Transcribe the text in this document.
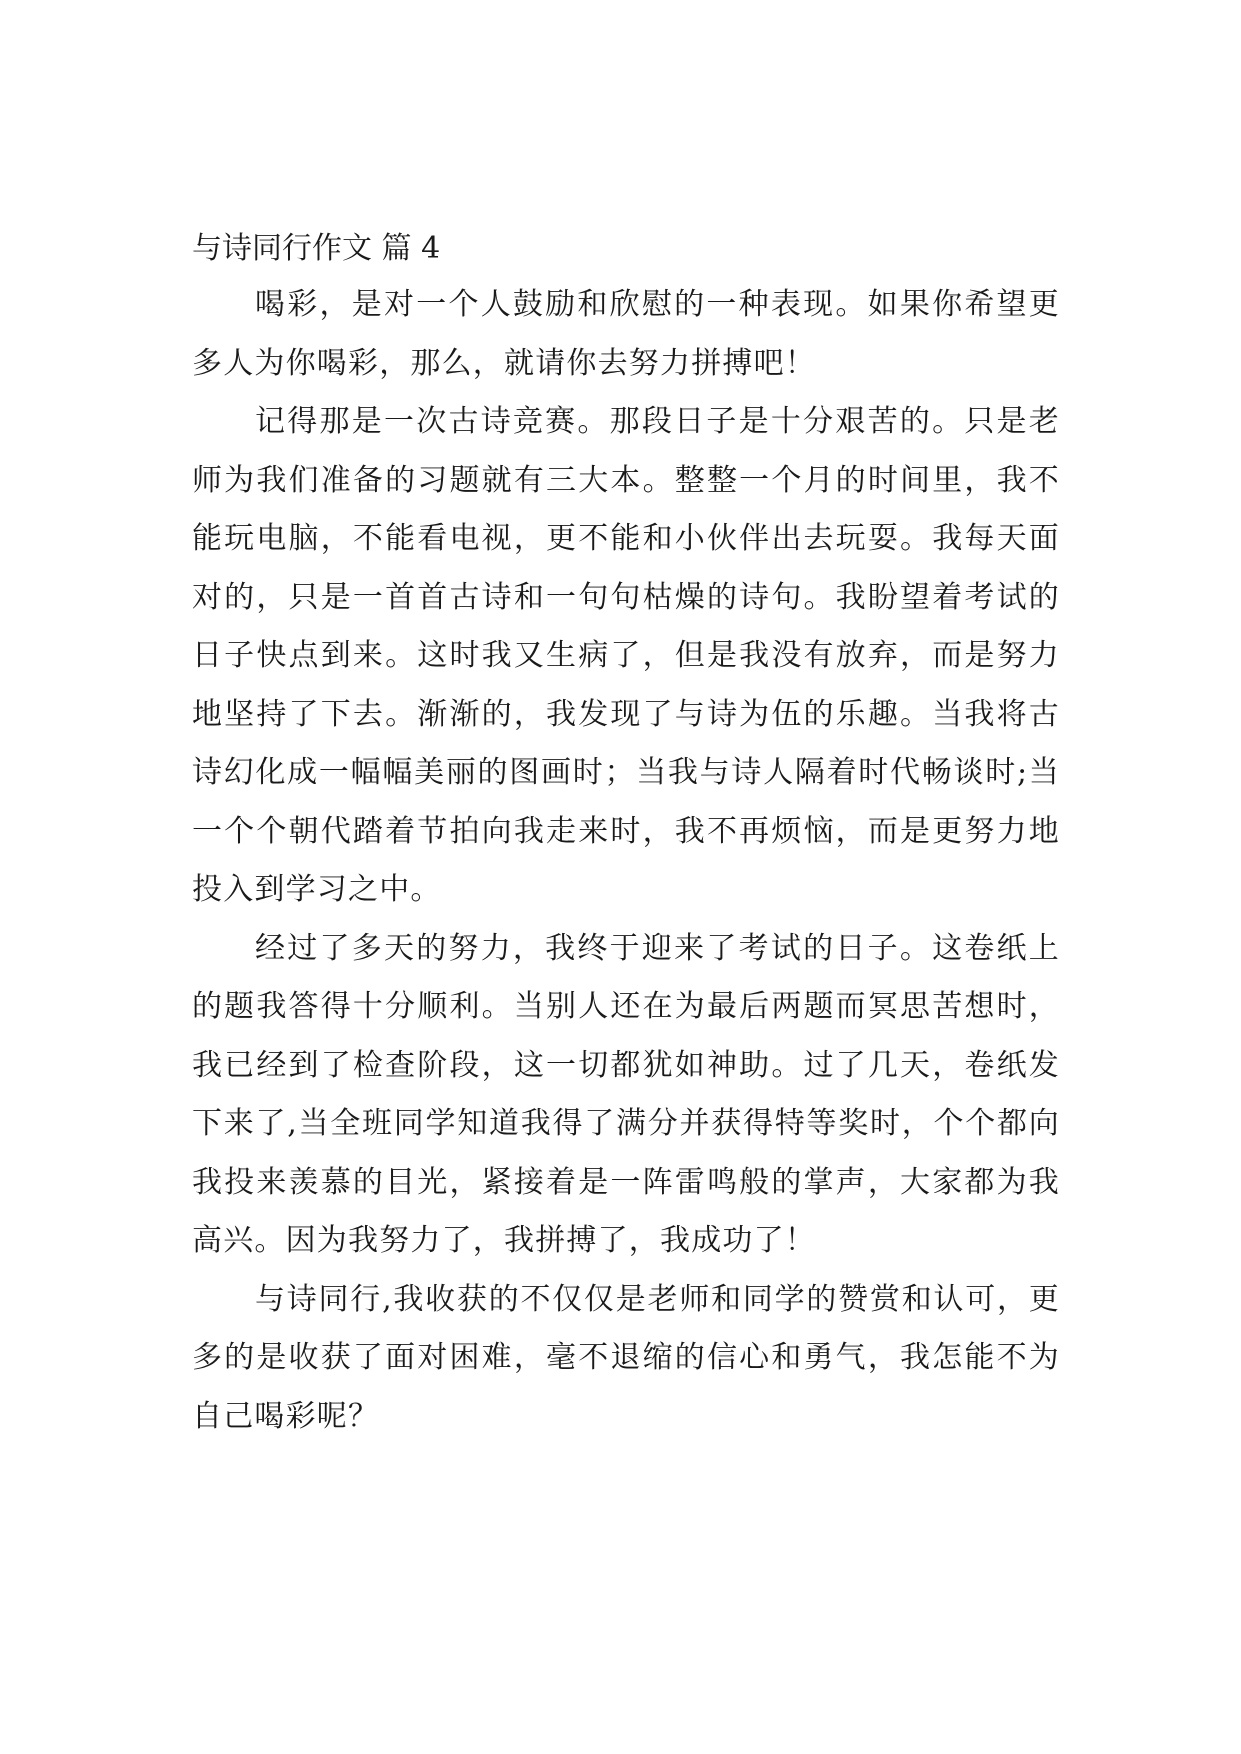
与诗同行作文 篇 4

喝彩，是对一个人鼓励和欣慰的一种表现。如果你希望更多人为你喝彩，那么，就请你去努力拼搏吧！

记得那是一次古诗竞赛。那段日子是十分艰苦的。只是老师为我们准备的习题就有三大本。整整一个月的时间里，我不能玩电脑，不能看电视，更不能和小伙伴出去玩耍。我每天面对的，只是一首首古诗和一句句枯燥的诗句。我盼望着考试的日子快点到来。这时我又生病了，但是我没有放弃，而是努力地坚持了下去。渐渐的，我发现了与诗为伍的乐趣。当我将古诗幻化成一幅幅美丽的图画时；当我与诗人隔着时代畅谈时;当一个个朝代踏着节拍向我走来时，我不再烦恼，而是更努力地投入到学习之中。

经过了多天的努力，我终于迎来了考试的日子。这卷纸上的题我答得十分顺利。当别人还在为最后两题而冥思苦想时，我已经到了检查阶段，这一切都犹如神助。过了几天，卷纸发下来了,当全班同学知道我得了满分并获得特等奖时，个个都向我投来羡慕的目光，紧接着是一阵雷鸣般的掌声，大家都为我高兴。因为我努力了，我拼搏了，我成功了！

与诗同行,我收获的不仅仅是老师和同学的赞赏和认可，更多的是收获了面对困难，毫不退缩的信心和勇气，我怎能不为自己喝彩呢？
